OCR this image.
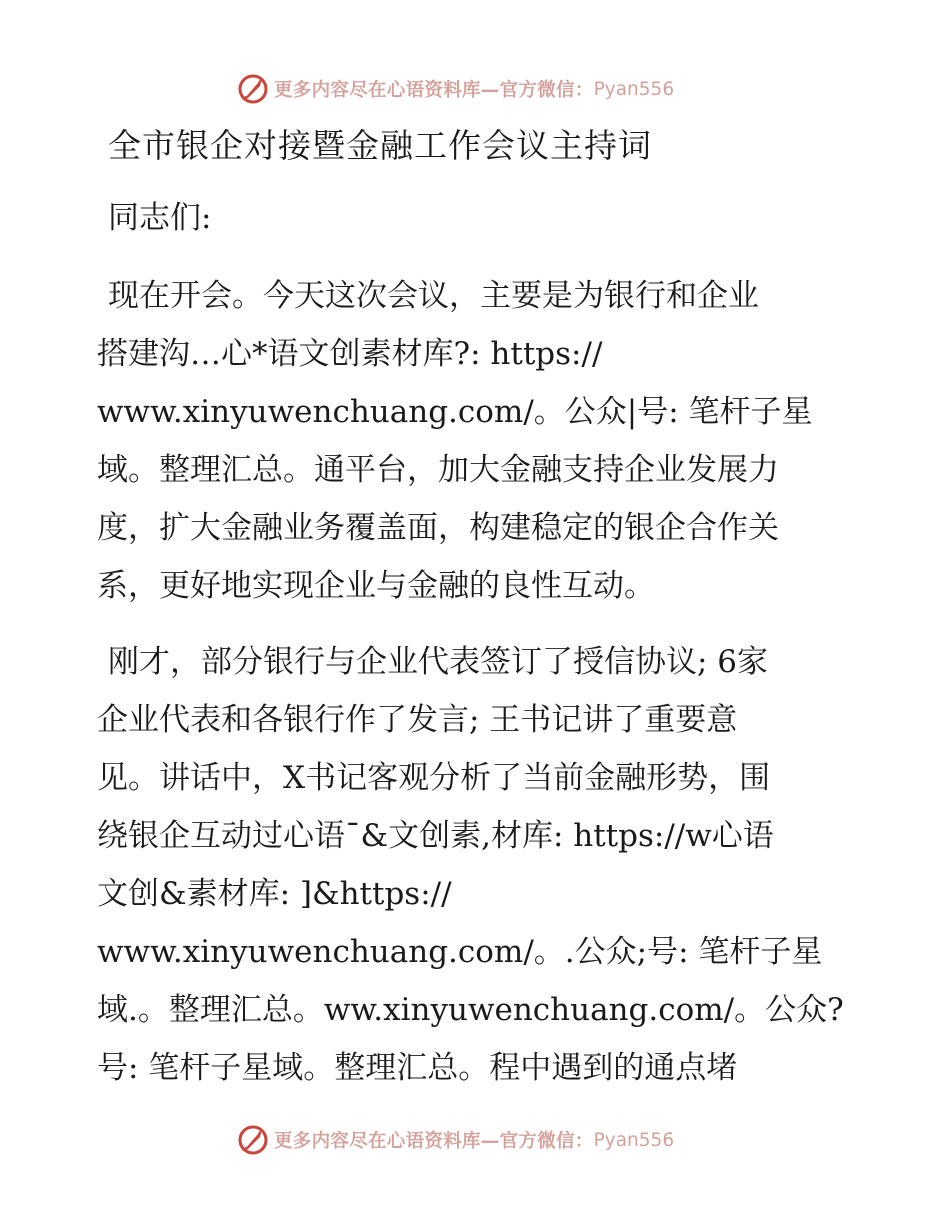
更多内容尽在心语资料库—官方微信： Pyan556
全市银企对接暨金融工作会议主持词

同志们:

现在开会。今天这次会议，主要是为银行和企业

搭建沟…心*语文创素材库?: https://

www.xinyuwenchuang.com/。公众|号: 笔杆子星

域。整理汇总。通平台，加大金融支持企业发展力

度，扩大金融业务覆盖面，构建稳定的银企合作关

系，更好地实现企业与金融的良性互动。

刚才，部分银行与企业代表签订了授信协议; 6家

企业代表和各银行作了发言; 王书记讲了重要意

见。讲话中，X书记客观分析了当前金融形势，围

绕银企互动过心语¯&文创素,材库: https://w心语

文创&素材库: ]&https://

www.xinyuwenchuang.com/。.公众;号: 笔杆子星

域.。整理汇总。ww.xinyuwenchuang.com/。公众?

号: 笔杆子星域。整理汇总。程中遇到的通点堵

更多内容尽在心语资料库—官方微信： Pyan556
